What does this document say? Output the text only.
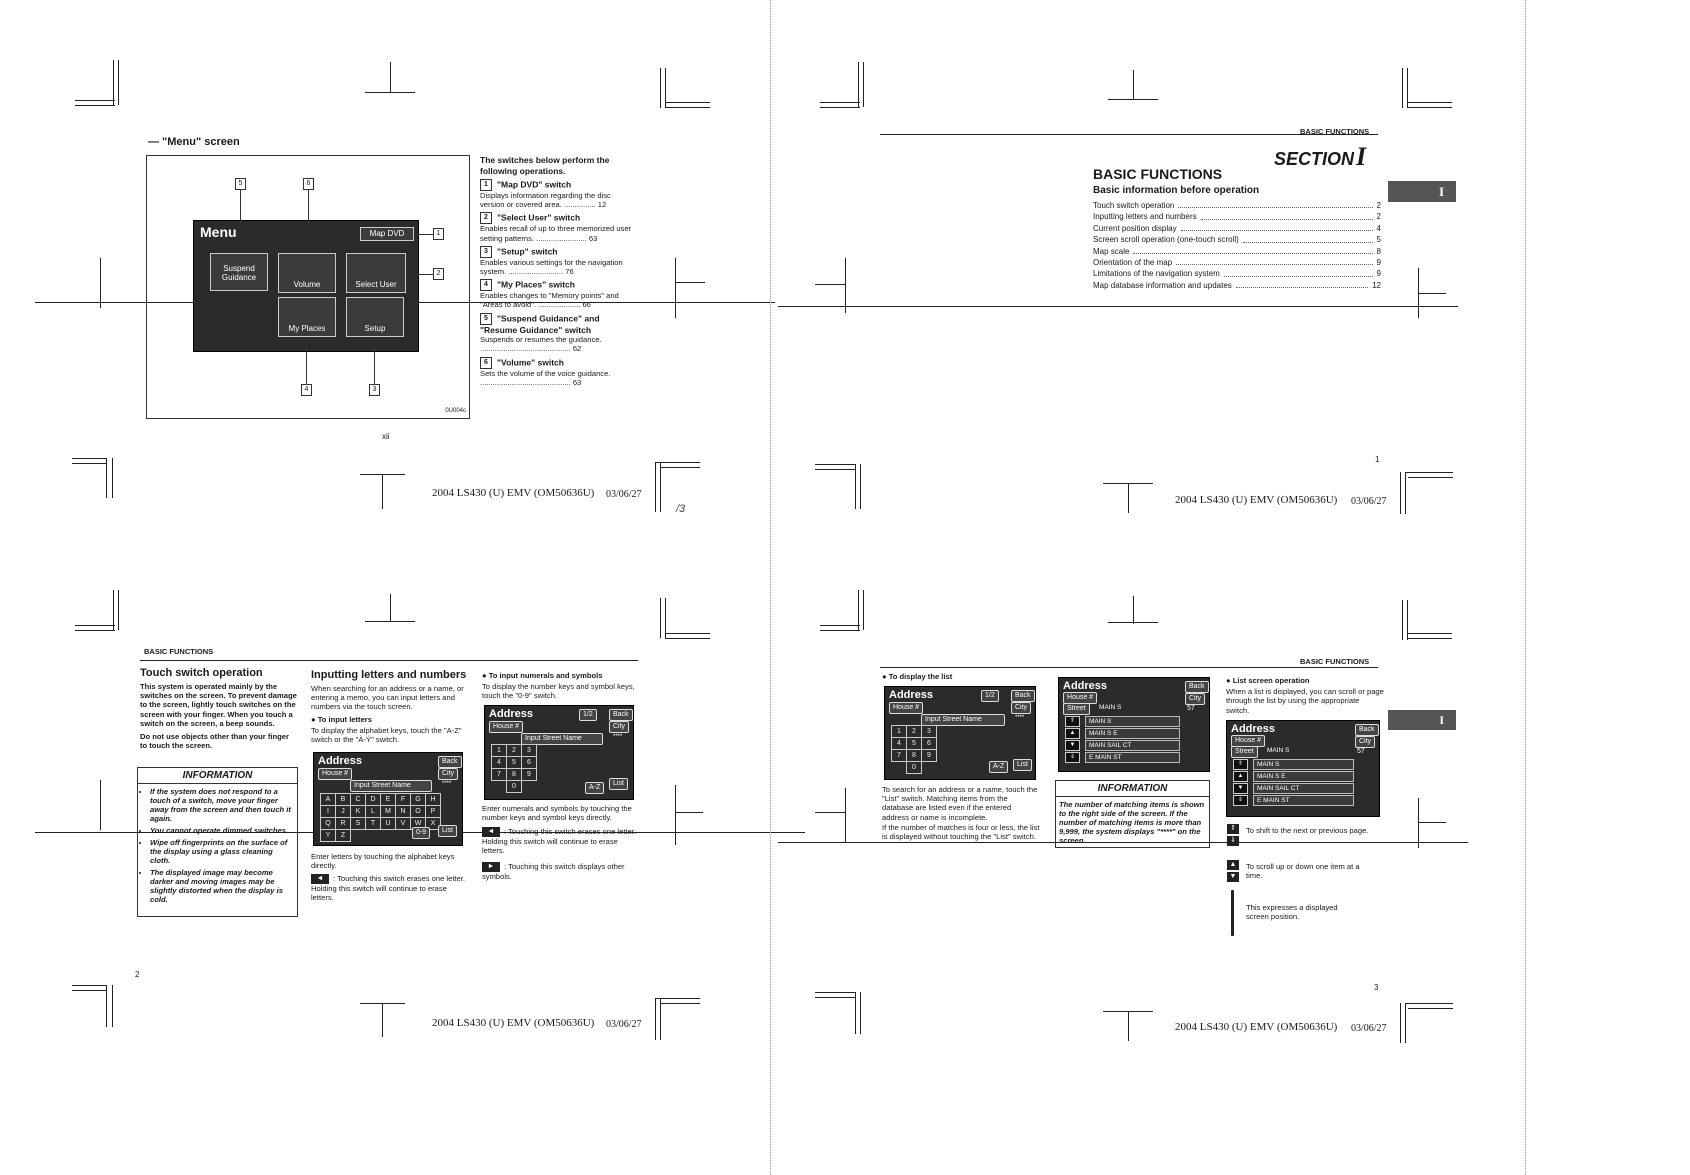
— "Menu" screen
Menu	Map DVD
Suspend
Guidance
Volume	Select User
My Places	Setup
5	6
1
2
4	3
0U004c
The switches below perform the following operations.
1 "Map DVD" switch
Displays information regarding the disc version or covered area. ............... 12
2 "Select User" switch
Enables recall of up to three memorized user setting patterns. ........................ 63
3 "Setup" switch
Enables various settings for the navigation system. .......................... 76
4 "My Places" switch
Enables changes to "Memory points" and "Areas to avoid". .................... 66
5 "Suspend Guidance" and "Resume Guidance" switch
Suspends or resumes the guidance. ........................................... 62
6 "Volume" switch
Sets the volume of the voice guidance. ........................................... 63
xii
2004 LS430 (U) EMV (OM50636U) 03/06/27
/3
BASIC FUNCTIONS
SECTIONI
BASIC FUNCTIONS
Basic information before operation	I
Touch switch operation	2
Inputting letters and numbers	2
Current position display	4
Screen scroll operation (one-touch scroll)	5
Map scale	8
Orientation of the map	9
Limitations of the navigation system	9
Map database information and updates	12
1
2004 LS430 (U) EMV (OM50636U) 03/06/27
BASIC FUNCTIONS
Touch switch operation
This system is operated mainly by the switches on the screen. To prevent damage to the screen, lightly touch switches on the screen with your finger. When you touch a switch on the screen, a beep sounds.
Do not use objects other than your finger to touch the screen.
INFORMATION
• If the system does not respond to a touch of a switch, move your finger away from the screen and then touch it again.
• You cannot operate dimmed switches.
• Wipe off fingerprints on the surface of the display using a glass cleaning cloth.
• The displayed image may become darker and moving images may be slightly distorted when the display is cold.
Inputting letters and numbers
When searching for an address or a name, or entering a memo, you can input letters and numbers via the touch screen.
● To input letters
To display the alphabet keys, touch the "A-Z" switch or the "À-Ý" switch.
Address	Back
City
House #
Input Street Name	****
A	B	C	D	E	F	G	H
I	J	K	L	M	N	O	P
Q	R	S	T	U	V	W	X
Y	Z	0-9	List
Enter letters by touching the alphabet keys directly.
◄ : Touching this switch erases one letter. Holding this switch will continue to erase letters.
● To input numerals and symbols
To display the number keys and symbol keys, touch the "0-9" switch.
Address	1/2	Back
City
House #
Input Street Name	****
1	2	3
4	5	6
7	8	9
0	A-Z
List
Enter numerals and symbols by touching the number keys and symbol keys directly.
◄ : Touching this switch erases one letter. Holding this switch will continue to erase letters.
► : Touching this switch displays other symbols.
2
2004 LS430 (U) EMV (OM50636U) 03/06/27
BASIC FUNCTIONS
I
● To display the list
Address	Back
City
1/2
House #
Input Street Name	****
1	2	3
4	5	6
7	8	9
0	A-Z	List
To search for an address or a name, touch the "List" switch. Matching items from the database are listed even if the entered address or name is incomplete.
If the number of matches is four or less, the list is displayed without touching the "List" switch.
Address	Back
City
House #
Street	MAIN S	57
⇑
▲
▼
⇓
MAIN S
MAIN S E
MAIN SAIL CT
E MAIN ST
INFORMATION
The number of matching items is shown to the right side of the screen. If the number of matching items is more than 9,999, the system displays "****" on the screen.
● List screen operation
When a list is displayed, you can scroll or page through the list by using the appropriate switch.
Address	Back
City
House #
Street	MAIN S	57
⇑
▲
▼
⇓
MAIN S
MAIN S E
MAIN SAIL CT
E MAIN ST
⇑
⇓
To shift to the next or previous page.
▲
▼
To scroll up or down one item at a time.
This expresses a displayed screen position.
3
2004 LS430 (U) EMV (OM50636U) 03/06/27
